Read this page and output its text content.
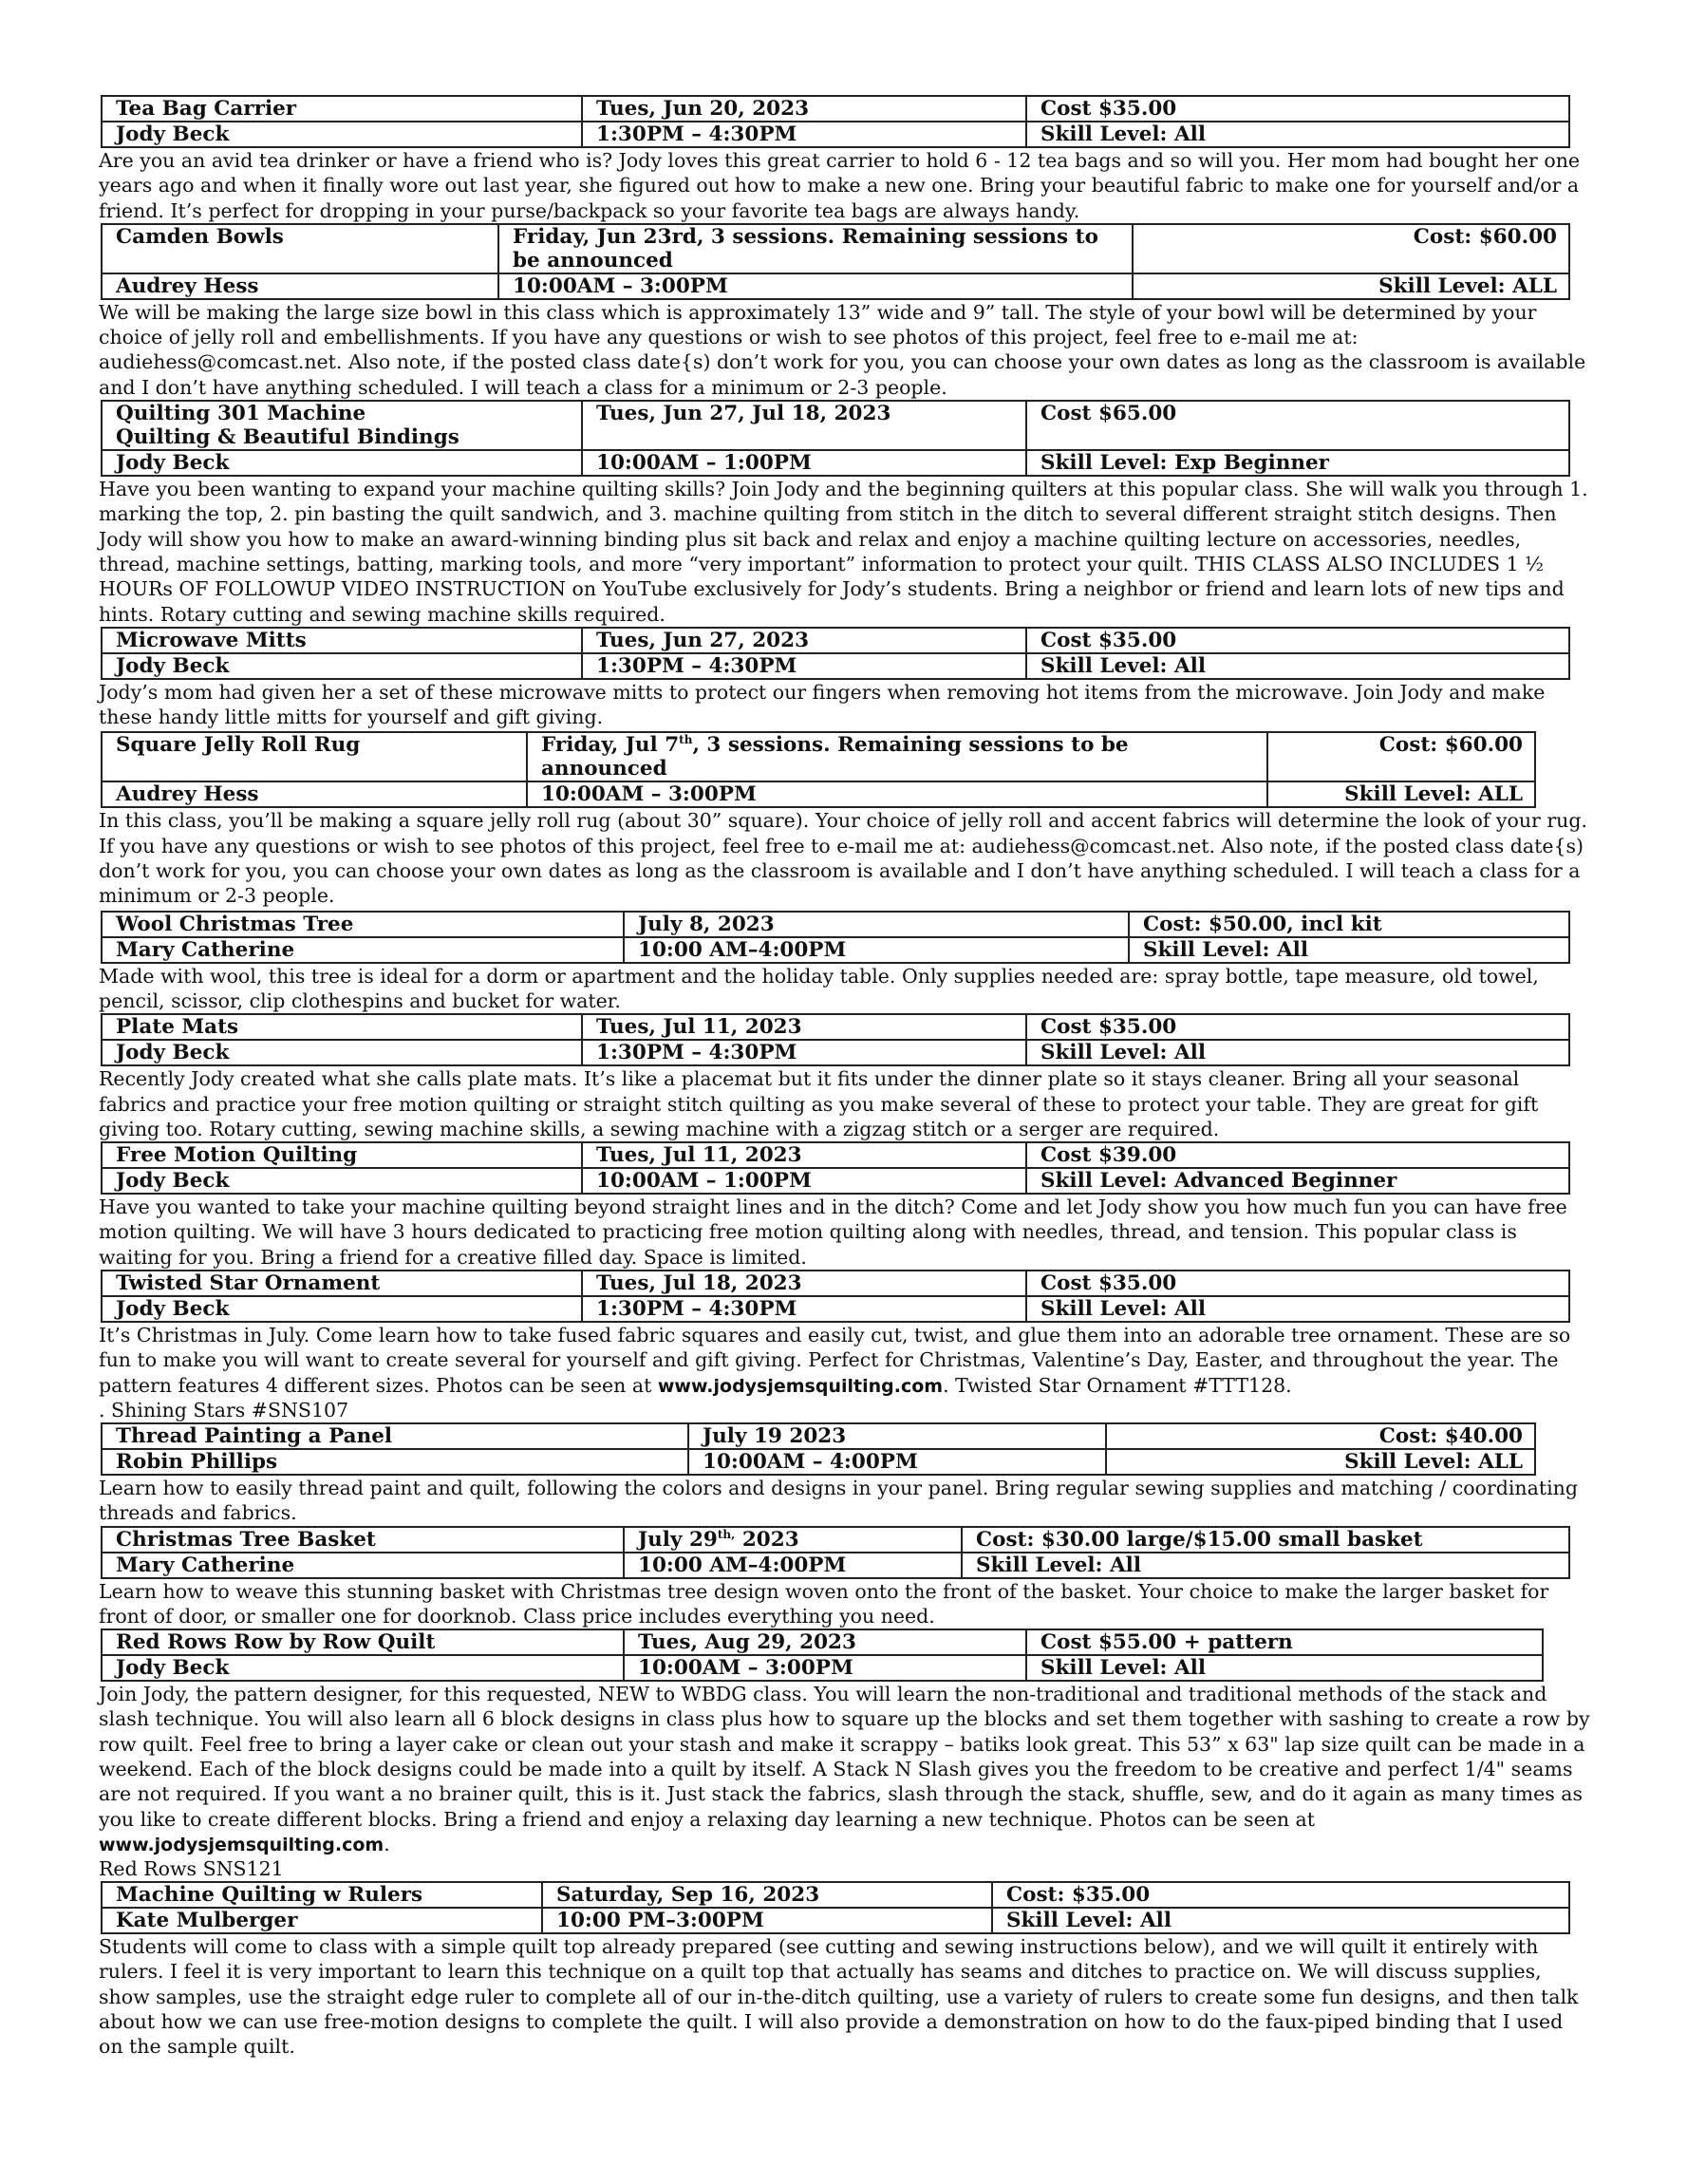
Tea Bag Carrier	Tues, Jun 20, 2023	Cost $35.00
Jody Beck	1:30PM – 4:30PM	Skill Level: All

Are you an avid tea drinker or have a friend who is? Jody loves this great carrier to hold 6 - 12 tea bags and so will you. Her mom had bought her one years ago and when it finally wore out last year, she figured out how to make a new one. Bring your beautiful fabric to make one for yourself and/or a friend. It’s perfect for dropping in your purse/backpack so your favorite tea bags are always handy.

Camden Bowls	Friday, Jun 23rd, 3 sessions. Remaining sessions to be announced	Cost: $60.00
Audrey Hess	10:00AM – 3:00PM	Skill Level: ALL

We will be making the large size bowl in this class which is approximately 13” wide and 9” tall. The style of your bowl will be determined by your choice of jelly roll and embellishments. If you have any questions or wish to see photos of this project, feel free to e-mail me at: audiehess@comcast.net. Also note, if the posted class date{s) don’t work for you, you can choose your own dates as long as the classroom is available and I don’t have anything scheduled. I will teach a class for a minimum or 2-3 people.

Quilting 301 Machine
Quilting & Beautiful Bindings	Tues, Jun 27, Jul 18, 2023	Cost $65.00
Jody Beck	10:00AM – 1:00PM	Skill Level: Exp Beginner

Have you been wanting to expand your machine quilting skills? Join Jody and the beginning quilters at this popular class. She will walk you through 1. marking the top, 2. pin basting the quilt sandwich, and 3. machine quilting from stitch in the ditch to several different straight stitch designs. Then Jody will show you how to make an award-winning binding plus sit back and relax and enjoy a machine quilting lecture on accessories, needles, thread, machine settings, batting, marking tools, and more “very important” information to protect your quilt. THIS CLASS ALSO INCLUDES 1 ½ HOURs OF FOLLOWUP VIDEO INSTRUCTION on YouTube exclusively for Jody’s students. Bring a neighbor or friend and learn lots of new tips and hints. Rotary cutting and sewing machine skills required.

Microwave Mitts	Tues, Jun 27, 2023	Cost $35.00
Jody Beck	1:30PM – 4:30PM	Skill Level: All

Jody’s mom had given her a set of these microwave mitts to protect our fingers when removing hot items from the microwave. Join Jody and make these handy little mitts for yourself and gift giving.

Square Jelly Roll Rug	Friday, Jul 7th, 3 sessions. Remaining sessions to be announced	Cost: $60.00
Audrey Hess	10:00AM – 3:00PM	Skill Level: ALL

In this class, you’ll be making a square jelly roll rug (about 30” square). Your choice of jelly roll and accent fabrics will determine the look of your rug. If you have any questions or wish to see photos of this project, feel free to e-mail me at: audiehess@comcast.net. Also note, if the posted class date{s) don’t work for you, you can choose your own dates as long as the classroom is available and I don’t have anything scheduled. I will teach a class for a minimum or 2-3 people.

Wool Christmas Tree	July 8, 2023	Cost: $50.00, incl kit
Mary Catherine	10:00 AM–4:00PM	Skill Level: All

Made with wool, this tree is ideal for a dorm or apartment and the holiday table. Only supplies needed are: spray bottle, tape measure, old towel, pencil, scissor, clip clothespins and bucket for water.

Plate Mats	Tues, Jul 11, 2023	Cost $35.00
Jody Beck	1:30PM – 4:30PM	Skill Level: All

Recently Jody created what she calls plate mats. It’s like a placemat but it fits under the dinner plate so it stays cleaner. Bring all your seasonal fabrics and practice your free motion quilting or straight stitch quilting as you make several of these to protect your table. They are great for gift giving too. Rotary cutting, sewing machine skills, a sewing machine with a zigzag stitch or a serger are required.

Free Motion Quilting	Tues, Jul 11, 2023	Cost $39.00
Jody Beck	10:00AM – 1:00PM	Skill Level: Advanced Beginner

Have you wanted to take your machine quilting beyond straight lines and in the ditch? Come and let Jody show you how much fun you can have free motion quilting. We will have 3 hours dedicated to practicing free motion quilting along with needles, thread, and tension. This popular class is waiting for you. Bring a friend for a creative filled day. Space is limited.

Twisted Star Ornament	Tues, Jul 18, 2023	Cost $35.00
Jody Beck	1:30PM – 4:30PM	Skill Level: All

It’s Christmas in July. Come learn how to take fused fabric squares and easily cut, twist, and glue them into an adorable tree ornament. These are so fun to make you will want to create several for yourself and gift giving. Perfect for Christmas, Valentine’s Day, Easter, and throughout the year. The pattern features 4 different sizes. Photos can be seen at www.jodysjemsquilting.com. Twisted Star Ornament #TTT128.

. Shining Stars #SNS107

Thread Painting a Panel	July 19 2023	Cost: $40.00
Robin Phillips	10:00AM – 4:00PM	Skill Level: ALL

Learn how to easily thread paint and quilt, following the colors and designs in your panel. Bring regular sewing supplies and matching / coordinating threads and fabrics.

Christmas Tree Basket	July $29^{th,}$ 2023	Cost: $30.00 large/$15.00 small basket
Mary Catherine	10:00 AM–4:00PM	Skill Level: All

Learn how to weave this stunning basket with Christmas tree design woven onto the front of the basket. Your choice to make the larger basket for front of door, or smaller one for doorknob. Class price includes everything you need.

Red Rows Row by Row Quilt	Tues, Aug 29, 2023	Cost $55.00 + pattern
Jody Beck	10:00AM – 3:00PM	Skill Level: All

Join Jody, the pattern designer, for this requested, NEW to WBDG class. You will learn the non-traditional and traditional methods of the stack and slash technique. You will also learn all 6 block designs in class plus how to square up the blocks and set them together with sashing to create a row by row quilt. Feel free to bring a layer cake or clean out your stash and make it scrappy – batiks look great. This 53” x 63" lap size quilt can be made in a weekend. Each of the block designs could be made into a quilt by itself. A Stack N Slash gives you the freedom to be creative and perfect 1/4" seams are not required. If you want a no brainer quilt, this is it. Just stack the fabrics, slash through the stack, shuffle, sew, and do it again as many times as you like to create different blocks. Bring a friend and enjoy a relaxing day learning a new technique. Photos can be seen at www.jodysjemsquilting.com.

Red Rows SNS121

Machine Quilting w Rulers	Saturday, Sep 16, 2023	Cost: $35.00
Kate Mulberger	10:00 PM–3:00PM	Skill Level: All

Students will come to class with a simple quilt top already prepared (see cutting and sewing instructions below), and we will quilt it entirely with rulers. I feel it is very important to learn this technique on a quilt top that actually has seams and ditches to practice on. We will discuss supplies, show samples, use the straight edge ruler to complete all of our in-the-ditch quilting, use a variety of rulers to create some fun designs, and then talk about how we can use free-motion designs to complete the quilt. I will also provide a demonstration on how to do the faux-piped binding that I used on the sample quilt.
